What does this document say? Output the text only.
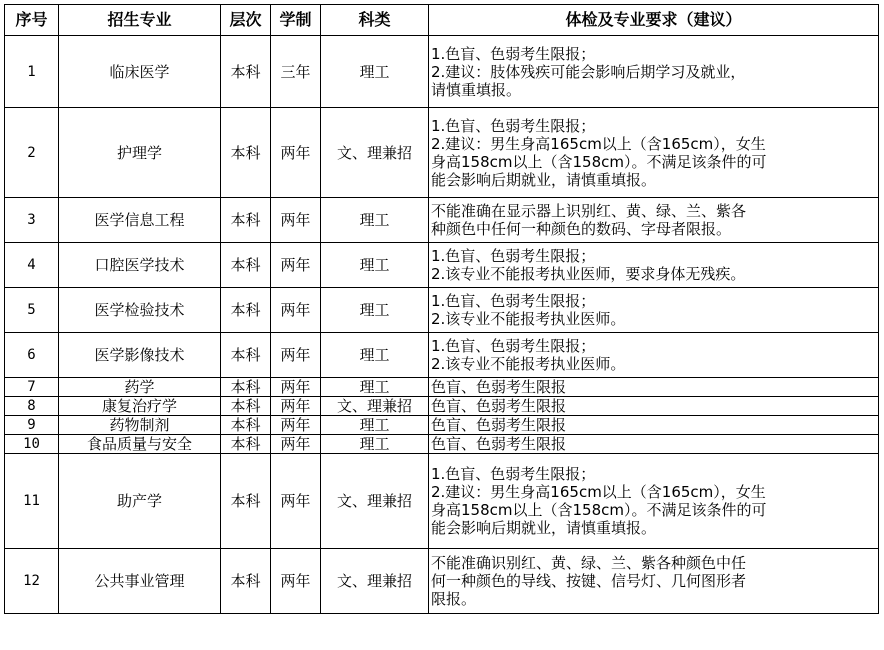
序号	招生专业	层次	学制	科类	体检及专业要求（建议）
1	临床医学	本科	三年	理工	1.色盲、色弱考生限报；
2.建议：肢体残疾可能会影响后期学习及就业，
请慎重填报。

2	护理学	本科	两年	文、理兼招	1.色盲、色弱考生限报；
2.建议：男生身高165cm以上（含165cm），女生
身高158cm以上（含158cm）。不满足该条件的可
能会影响后期就业，请慎重填报。

3	医学信息工程	本科	两年	理工	不能准确在显示器上识别红、黄、绿、兰、紫各
种颜色中任何一种颜色的数码、字母者限报。

4	口腔医学技术	本科	两年	理工	1.色盲、色弱考生限报；
2.该专业不能报考执业医师，要求身体无残疾。

5	医学检验技术	本科	两年	理工	1.色盲、色弱考生限报；
2.该专业不能报考执业医师。

6	医学影像技术	本科	两年	理工	1.色盲、色弱考生限报；
2.该专业不能报考执业医师。

7	药学	本科	两年	理工	色盲、色弱考生限报

8	康复治疗学	本科	两年	文、理兼招	色盲、色弱考生限报

9	药物制剂	本科	两年	理工	色盲、色弱考生限报

10	食品质量与安全	本科	两年	理工	色盲、色弱考生限报

11	助产学	本科	两年	文、理兼招	1.色盲、色弱考生限报；
2.建议：男生身高165cm以上（含165cm），女生
身高158cm以上（含158cm）。不满足该条件的可
能会影响后期就业，请慎重填报。

12	公共事业管理	本科	两年	文、理兼招	不能准确识别红、黄、绿、兰、紫各种颜色中任
何一种颜色的导线、按键、信号灯、几何图形者
限报。
